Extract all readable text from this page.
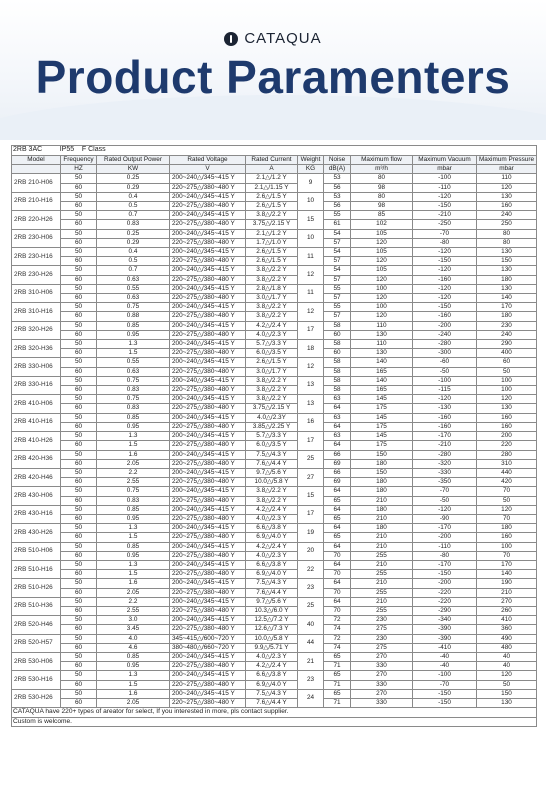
CATAQUA
Product Paramenters
2RB 3AC IP55 F Class									
Model	Frequency	Rated Output Power	Rated Voltage	Rated Current	Weight	Noise	Maximum flow	Maximum Vacuum	Maximum Pressure
	HZ	KW	V	A	KG	dB(A)	m³/h	mbar	mbar
2RB 210-H06	50	0.25	200~240△/345~415 Y	2.1△/1.2 Y	9	53	80	-100	110
	60	0.29	220~275△/380~480 Y	2.1△/1.15 Y		56	98	-110	120
2RB 210-H16	50	0.4	200~240△/345~415 Y	2.6△/1.5 Y	10	53	80	-120	130
	60	0.5	220~275△/380~480 Y	2.6△/1.5 Y		56	98	-150	160
2RB 220-H26	50	0.7	200~240△/345~415 Y	3.8△/2.2 Y	15	55	85	-210	240
	60	0.83	220~275△/380~480 Y	3.75△/2.15 Y		61	102	-250	250
2RB 230-H06	50	0.25	200~240△/345~415 Y	2.1△/1.2 Y	10	54	105	-70	80
	60	0.29	220~275△/380~480 Y	1.7△/1.0 Y		57	120	-80	80
2RB 230-H16	50	0.4	200~240△/345~415 Y	2.6△/1.5 Y	11	54	105	-120	130
	60	0.5	220~275△/380~480 Y	2.6△/1.5 Y		57	120	-150	150
2RB 230-H26	50	0.7	200~240△/345~415 Y	3.8△/2.2 Y	12	54	105	-120	130
	60	0.63	220~275△/380~480 Y	3.8△/2.2 Y		57	120	-160	180
2RB 310-H06	50	0.55	200~240△/345~415 Y	2.8△/1.8 Y	11	55	100	-120	130
	60	0.63	220~275△/380~480 Y	3.0△/1.7 Y		57	120	-120	140
2RB 310-H16	50	0.75	200~240△/345~415 Y	3.8△/2.2 Y	12	55	100	-150	170
	60	0.88	220~275△/380~480 Y	3.8△/2.2 Y		57	120	-160	180
2RB 320-H26	50	0.85	200~240△/345~415 Y	4.2△/2.4 Y	17	58	110	-200	230
	60	0.95	220~275△/380~480 Y	4.0△/2.3 Y		60	130	-240	240
2RB 320-H36	50	1.3	200~240△/345~415 Y	5.7△/3.3 Y	18	58	110	-280	290
	60	1.5	220~275△/380~480 Y	6.0△/3.5 Y		60	130	-300	400
2RB 330-H06	50	0.55	200~240△/345~415 Y	2.6△/1.5 Y	12	58	140	-60	60
	60	0.63	220~275△/380~480 Y	3.0△/1.7 Y		58	165	-50	50
2RB 330-H16	50	0.75	200~240△/345~415 Y	3.8△/2.2 Y	13	58	140	-100	100
	60	0.83	220~275△/380~480 Y	3.8△/2.2 Y		58	165	-115	100
2RB 410-H06	50	0.75	200~240△/345~415 Y	3.8△/2.2 Y	13	63	145	-120	120
	60	0.83	220~275△/380~480 Y	3.75△/2.15 Y		64	175	-130	130
2RB 410-H16	50	0.85	200~240△/345~415 Y	4.0△/2.3Y	16	63	145	-160	160
	60	0.95	220~275△/380~480 Y	3.85△/2.25 Y		64	175	-160	160
2RB 410-H26	50	1.3	200~240△/345~415 Y	5.7△/3.3 Y	17	63	145	-170	200
	60	1.5	220~275△/380~480 Y	6.0△/3.5 Y		64	175	-210	220
2RB 420-H36	50	1.6	200~240△/345~415 Y	7.5△/4.3 Y	25	66	150	-280	280
	60	2.05	220~275△/380~480 Y	7.6△/4.4 Y		69	180	-320	310
2RB 420-H46	50	2.2	200~240△/345~415 Y	9.7△/5.6 Y	27	66	150	-330	440
	60	2.55	220~275△/380~480 Y	10.0△/5.8 Y		69	180	-350	420
2RB 430-H06	50	0.75	200~240△/345~415 Y	3.8△/2.2 Y	15	64	180	-70	70
	60	0.83	220~275△/380~480 Y	3.8△/2.2 Y		65	210	-50	50
2RB 430-H16	50	0.85	200~240△/345~415 Y	4.2△/2.4 Y	17	64	180	-120	120
	60	0.95	220~275△/380~480 Y	4.0△/2.3 Y		65	210	-90	70
2RB 430-H26	50	1.3	200~240△/345~415 Y	6.6△/3.8 Y	19	64	180	-170	180
	60	1.5	220~275△/380~480 Y	6.9△/4.0 Y		65	210	-200	160
2RB 510-H06	50	0.85	200~240△/345~415 Y	4.2△/2.4 Y	20	64	210	-110	100
	60	0.95	220~275△/380~480 Y	4.0△/2.3 Y		70	255	-80	70
2RB 510-H16	50	1.3	200~240△/345~415 Y	6.6△/3.8 Y	22	64	210	-170	170
	60	1.5	220~275△/380~480 Y	6.9△/4.0 Y		70	255	-150	140
2RB 510-H26	50	1.6	200~240△/345~415 Y	7.5△/4.3 Y	23	64	210	-200	190
	60	2.05	220~275△/380~480 Y	7.6△/4.4 Y		70	255	-220	210
2RB 510-H36	50	2.2	200~240△/345~415 Y	9.7△/5.6 Y	25	64	210	-220	270
	60	2.55	220~275△/380~480 Y	10.3△/6.0 Y		70	255	-290	260
2RB 520-H46	50	3.0	200~240△/345~415 Y	12.5△/7.2 Y	40	72	230	-340	410
	60	3.45	220~275△/380~480 Y	12.6△/7.3 Y		74	275	-390	360
2RB 520-H57	50	4.0	345~415△/600~720 Y	10.0△/5.8 Y	44	72	230	-390	490
	60	4.6	380~480△/660~720 Y	9.9△/5.71 Y		74	275	-410	480
2RB 530-H06	50	0.85	200~240△/345~415 Y	4.0△/2.3 Y	21	65	270	-40	40
	60	0.95	220~275△/380~480 Y	4.2△/2.4 Y		71	330	-40	40
2RB 530-H16	50	1.3	200~240△/345~415 Y	6.6△/3.8 Y	23	65	270	-100	120
	60	1.5	220~275△/380~480 Y	6.9△/4.0 Y		71	330	-70	50
2RB 530-H26	50	1.6	200~240△/345~415 Y	7.5△/4.3 Y	24	65	270	-150	150
	60	2.05	220~275△/380~480 Y	7.6△/4.4 Y		71	330	-150	130
CATAQUA have 220+ types of areator for select, If you interested in more, pls contact supplier.									
Custom is welcome.									
